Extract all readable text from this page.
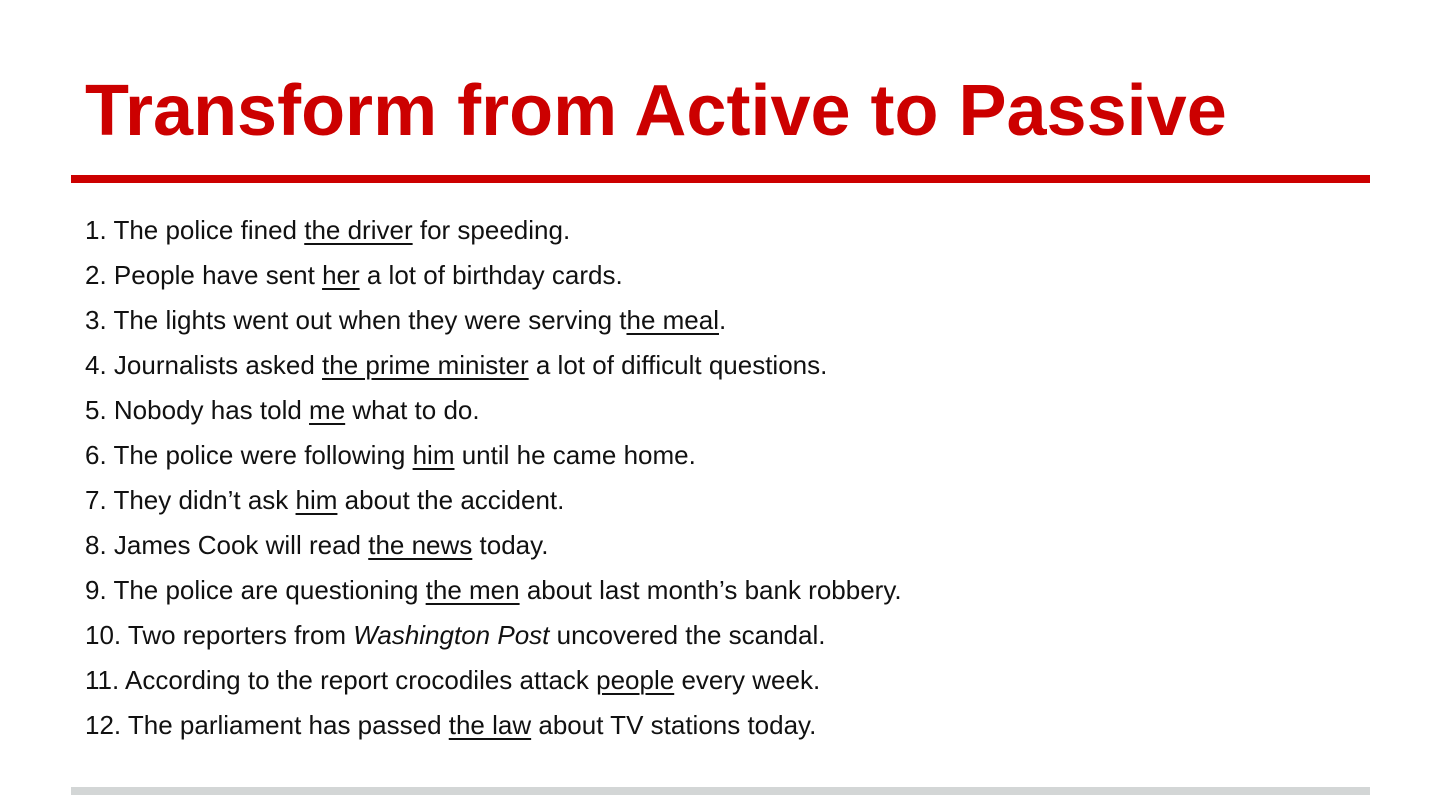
Transform from Active to Passive
1. The police fined the driver for speeding.
2. People have sent her a lot of birthday cards.
3. The lights went out when they were serving the meal.
4. Journalists asked the prime minister a lot of difficult questions.
5. Nobody has told me what to do.
6. The police were following him until he came home.
7. They didn’t ask him about the accident.
8. James Cook will read the news today.
9. The police are questioning the men about last month’s bank robbery.
10. Two reporters from Washington Post uncovered the scandal.
11. According to the report crocodiles attack people every week.
12. The parliament has passed the law about TV stations today.
